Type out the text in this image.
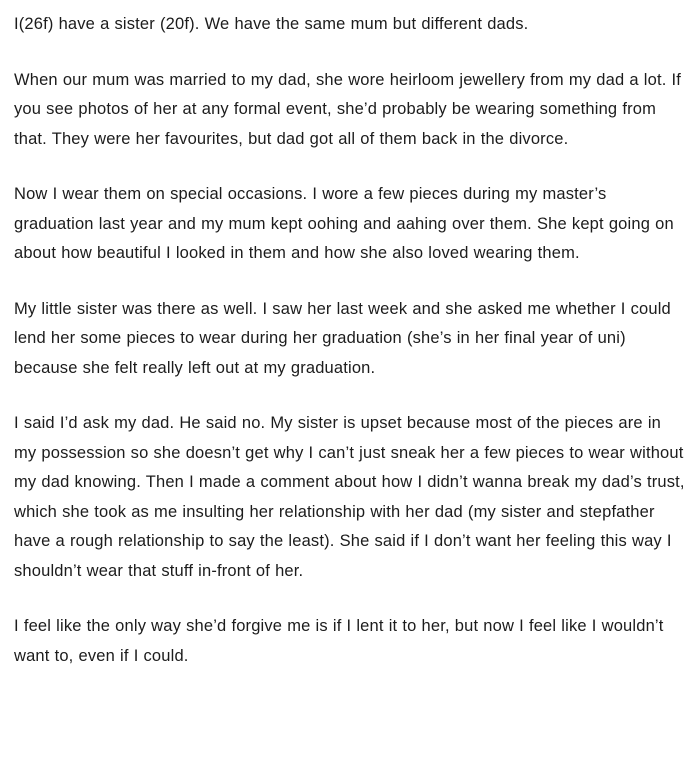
I(26f) have a sister (20f). We have the same mum but different dads.

When our mum was married to my dad, she wore heirloom jewellery from my dad a lot. If you see photos of her at any formal event, she’d probably be wearing something from that. They were her favourites, but dad got all of them back in the divorce.

Now I wear them on special occasions. I wore a few pieces during my master’s graduation last year and my mum kept oohing and aahing over them. She kept going on about how beautiful I looked in them and how she also loved wearing them.

My little sister was there as well. I saw her last week and she asked me whether I could lend her some pieces to wear during her graduation (she’s in her final year of uni) because she felt really left out at my graduation.

I said I’d ask my dad. He said no. My sister is upset because most of the pieces are in my possession so she doesn’t get why I can’t just sneak her a few pieces to wear without my dad knowing. Then I made a comment about how I didn’t wanna break my dad’s trust, which she took as me insulting her relationship with her dad (my sister and stepfather have a rough relationship to say the least). She said if I don’t want her feeling this way I shouldn’t wear that stuff in-front of her.

I feel like the only way she’d forgive me is if I lent it to her, but now I feel like I wouldn’t want to, even if I could.
